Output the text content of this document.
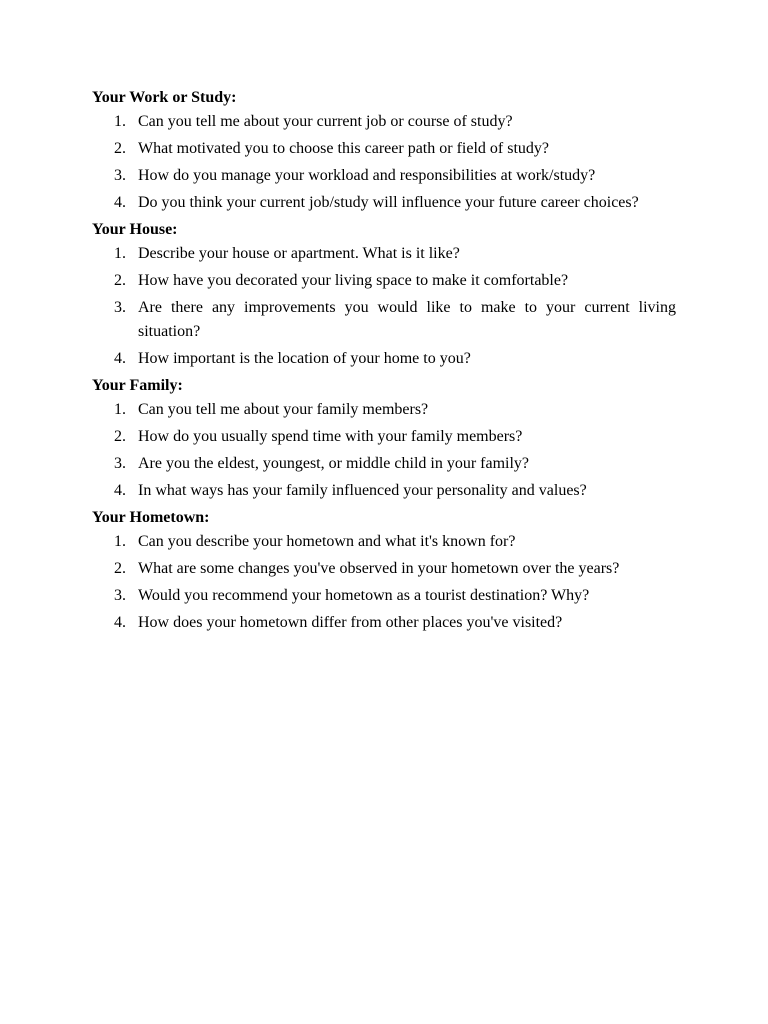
Your Work or Study:

1. Can you tell me about your current job or course of study?
2. What motivated you to choose this career path or field of study?
3. How do you manage your workload and responsibilities at work/study?
4. Do you think your current job/study will influence your future career choices?

Your House:

1. Describe your house or apartment. What is it like?
2. How have you decorated your living space to make it comfortable?
3. Are there any improvements you would like to make to your current living situation?
4. How important is the location of your home to you?

Your Family:

1. Can you tell me about your family members?
2. How do you usually spend time with your family members?
3. Are you the eldest, youngest, or middle child in your family?
4. In what ways has your family influenced your personality and values?

Your Hometown:

1. Can you describe your hometown and what it's known for?
2. What are some changes you've observed in your hometown over the years?
3. Would you recommend your hometown as a tourist destination? Why?
4. How does your hometown differ from other places you've visited?
